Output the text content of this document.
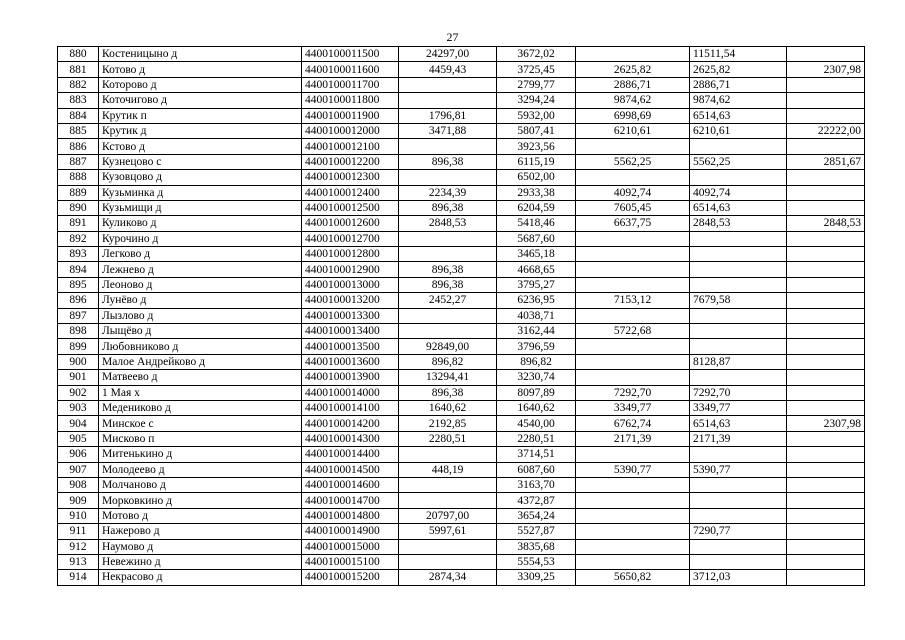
27
880	Костеницыно д	4400100011500	24297,00	3672,02		11511,54	
881	Котово д	4400100011600	4459,43	3725,45	2625,82	2625,82	2307,98
882	Которово д	4400100011700		2799,77	2886,71	2886,71	
883	Коточигово д	4400100011800		3294,24	9874,62	9874,62	
884	Крутик п	4400100011900	1796,81	5932,00	6998,69	6514,63	
885	Крутик д	4400100012000	3471,88	5807,41	6210,61	6210,61	22222,00
886	Кстово д	4400100012100		3923,56			
887	Кузнецово с	4400100012200	896,38	6115,19	5562,25	5562,25	2851,67
888	Кузовцово д	4400100012300		6502,00			
889	Кузьминка д	4400100012400	2234,39	2933,38	4092,74	4092,74	
890	Кузьмищи д	4400100012500	896,38	6204,59	7605,45	6514,63	
891	Куликово д	4400100012600	2848,53	5418,46	6637,75	2848,53	2848,53
892	Курочино д	4400100012700		5687,60			
893	Легково д	4400100012800		3465,18			
894	Лежнево д	4400100012900	896,38	4668,65			
895	Леоново д	4400100013000	896,38	3795,27			
896	Лунёво д	4400100013200	2452,27	6236,95	7153,12	7679,58	
897	Лызлово д	4400100013300		4038,71			
898	Лыщёво д	4400100013400		3162,44	5722,68		
899	Любовниково д	4400100013500	92849,00	3796,59			
900	Малое Андрейково д	4400100013600	896,82	896,82		8128,87	
901	Матвеево д	4400100013900	13294,41	3230,74			
902	1 Мая х	4400100014000	896,38	8097,89	7292,70	7292,70	
903	Медениково д	4400100014100	1640,62	1640,62	3349,77	3349,77	
904	Минское с	4400100014200	2192,85	4540,00	6762,74	6514,63	2307,98
905	Мисково п	4400100014300	2280,51	2280,51	2171,39	2171,39	
906	Митенькино д	4400100014400		3714,51			
907	Молодеево д	4400100014500	448,19	6087,60	5390,77	5390,77	
908	Молчаново д	4400100014600		3163,70			
909	Морковкино д	4400100014700		4372,87			
910	Мотово д	4400100014800	20797,00	3654,24			
911	Нажерово д	4400100014900	5997,61	5527,87		7290,77	
912	Наумово д	4400100015000		3835,68			
913	Невежино д	4400100015100		5554,53			
914	Некрасово д	4400100015200	2874,34	3309,25	5650,82	3712,03	
